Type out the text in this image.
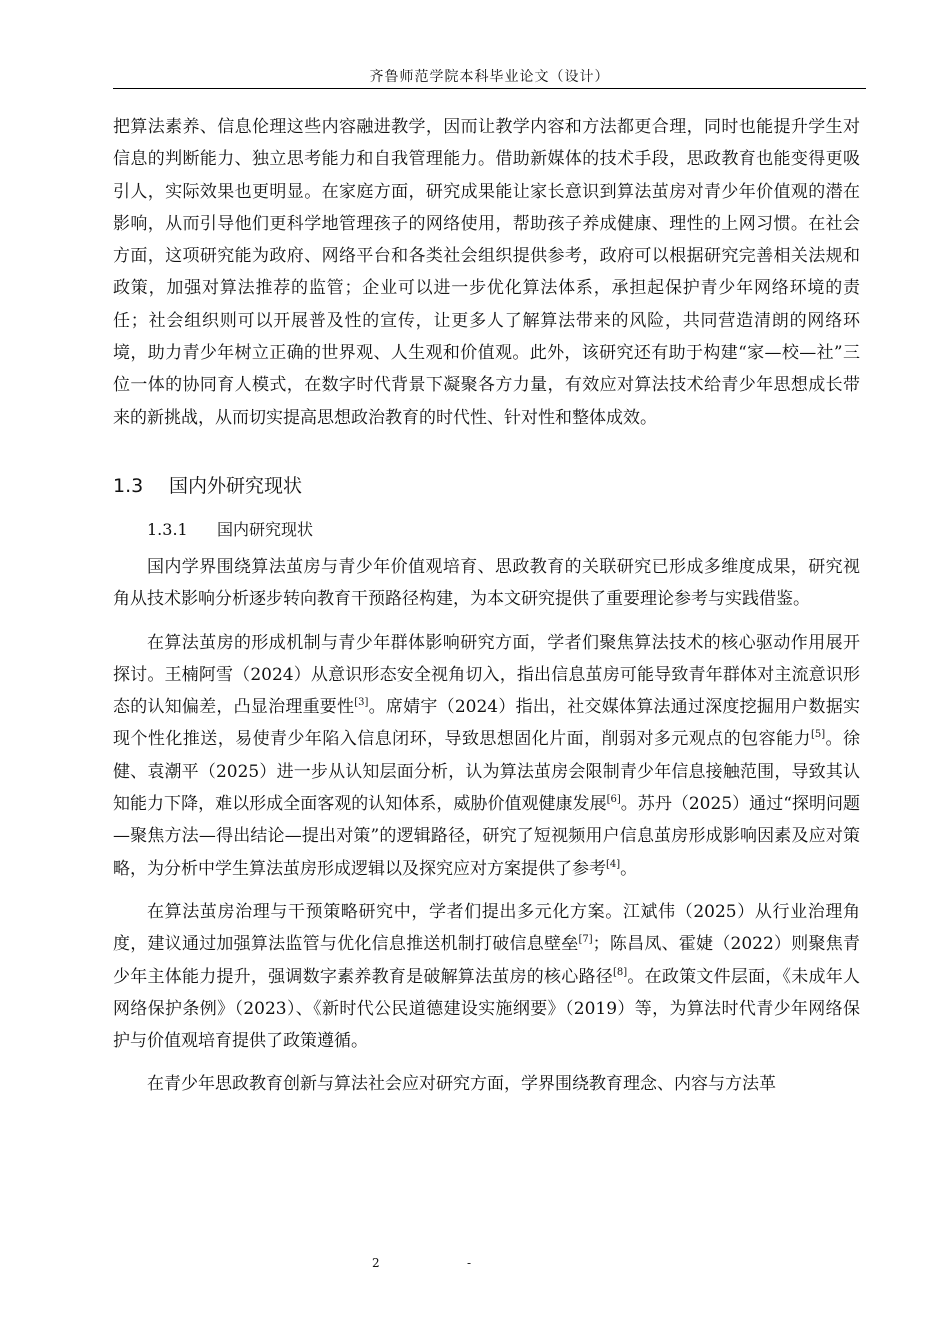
齐鲁师范学院本科毕业论文（设计）

把算法素养、信息伦理这些内容融进教学，因而让教学内容和方法都更合理，同时也能提升学生对信息的判断能力、独立思考能力和自我管理能力。借助新媒体的技术手段，思政教育也能变得更吸引人，实际效果也更明显。在家庭方面，研究成果能让家长意识到算法茧房对青少年价值观的潜在影响，从而引导他们更科学地管理孩子的网络使用，帮助孩子养成健康、理性的上网习惯。在社会方面，这项研究能为政府、网络平台和各类社会组织提供参考，政府可以根据研究完善相关法规和政策，加强对算法推荐的监管；企业可以进一步优化算法体系，承担起保护青少年网络环境的责任；社会组织则可以开展普及性的宣传，让更多人了解算法带来的风险，共同营造清朗的网络环境，助力青少年树立正确的世界观、人生观和价值观。此外，该研究还有助于构建“家—校—社”三位一体的协同育人模式，在数字时代背景下凝聚各方力量，有效应对算法技术给青少年思想成长带来的新挑战，从而切实提高思想政治教育的时代性、针对性和整体成效。

1.3 国内外研究现状
1.3.1 国内研究现状

国内学界围绕算法茧房与青少年价值观培育、思政教育的关联研究已形成多维度成果，研究视角从技术影响分析逐步转向教育干预路径构建，为本文研究提供了重要理论参考与实践借鉴。

在算法茧房的形成机制与青少年群体影响研究方面，学者们聚焦算法技术的核心驱动作用展开探讨。王楠阿雪（2024）从意识形态安全视角切入，指出信息茧房可能导致青年群体对主流意识形态的认知偏差，凸显治理重要性[3]。席婧宇（2024）指出，社交媒体算法通过深度挖掘用户数据实现个性化推送，易使青少年陷入信息闭环，导致思想固化片面，削弱对多元观点的包容能力[5]。徐健、袁潮平（2025）进一步从认知层面分析，认为算法茧房会限制青少年信息接触范围，导致其认知能力下降，难以形成全面客观的认知体系，威胁价值观健康发展[6]。苏丹（2025）通过“探明问题—聚焦方法—得出结论—提出对策”的逻辑路径，研究了短视频用户信息茧房形成影响因素及应对策略，为分析中学生算法茧房形成逻辑以及探究应对方案提供了参考[4]。

在算法茧房治理与干预策略研究中，学者们提出多元化方案。江斌伟（2025）从行业治理角度，建议通过加强算法监管与优化信息推送机制打破信息壁垒[7]；陈昌凤、霍婕（2022）则聚焦青少年主体能力提升，强调数字素养教育是破解算法茧房的核心路径[8]。在政策文件层面，《未成年人网络保护条例》（2023）、《新时代公民道德建设实施纲要》（2019）等，为算法时代青少年网络保护与价值观培育提供了政策遵循。

在青少年思政教育创新与算法社会应对研究方面，学界围绕教育理念、内容与方法革

2	-
